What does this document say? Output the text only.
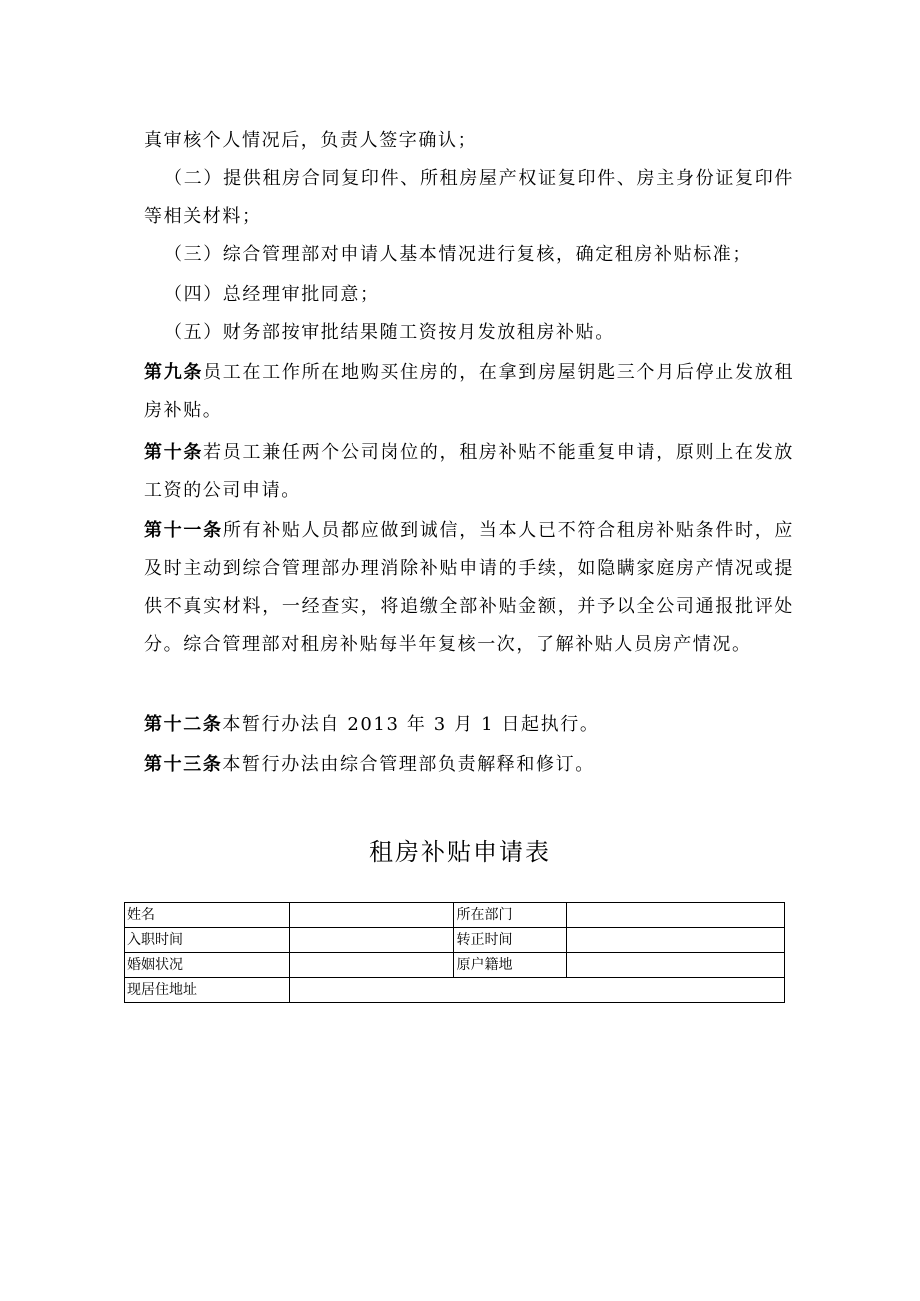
真审核个人情况后，负责人签字确认；

（二）提供租房合同复印件、所租房屋产权证复印件、房主身份证复印件等相关材料；

（三）综合管理部对申请人基本情况进行复核，确定租房补贴标准；

（四）总经理审批同意；

（五）财务部按审批结果随工资按月发放租房补贴。

第九条员工在工作所在地购买住房的，在拿到房屋钥匙三个月后停止发放租房补贴。

第十条若员工兼任两个公司岗位的，租房补贴不能重复申请，原则上在发放工资的公司申请。

第十一条所有补贴人员都应做到诚信，当本人已不符合租房补贴条件时，应及时主动到综合管理部办理消除补贴申请的手续，如隐瞒家庭房产情况或提供不真实材料，一经查实，将追缴全部补贴金额，并予以全公司通报批评处分。综合管理部对租房补贴每半年复核一次，了解补贴人员房产情况。

第十二条本暂行办法自 2013 年 3 月 1 日起执行。

第十三条本暂行办法由综合管理部负责解释和修订。

租房补贴申请表
姓名		所在部门	
入职时间		转正时间	
婚姻状况		原户籍地	
现居住地址			
